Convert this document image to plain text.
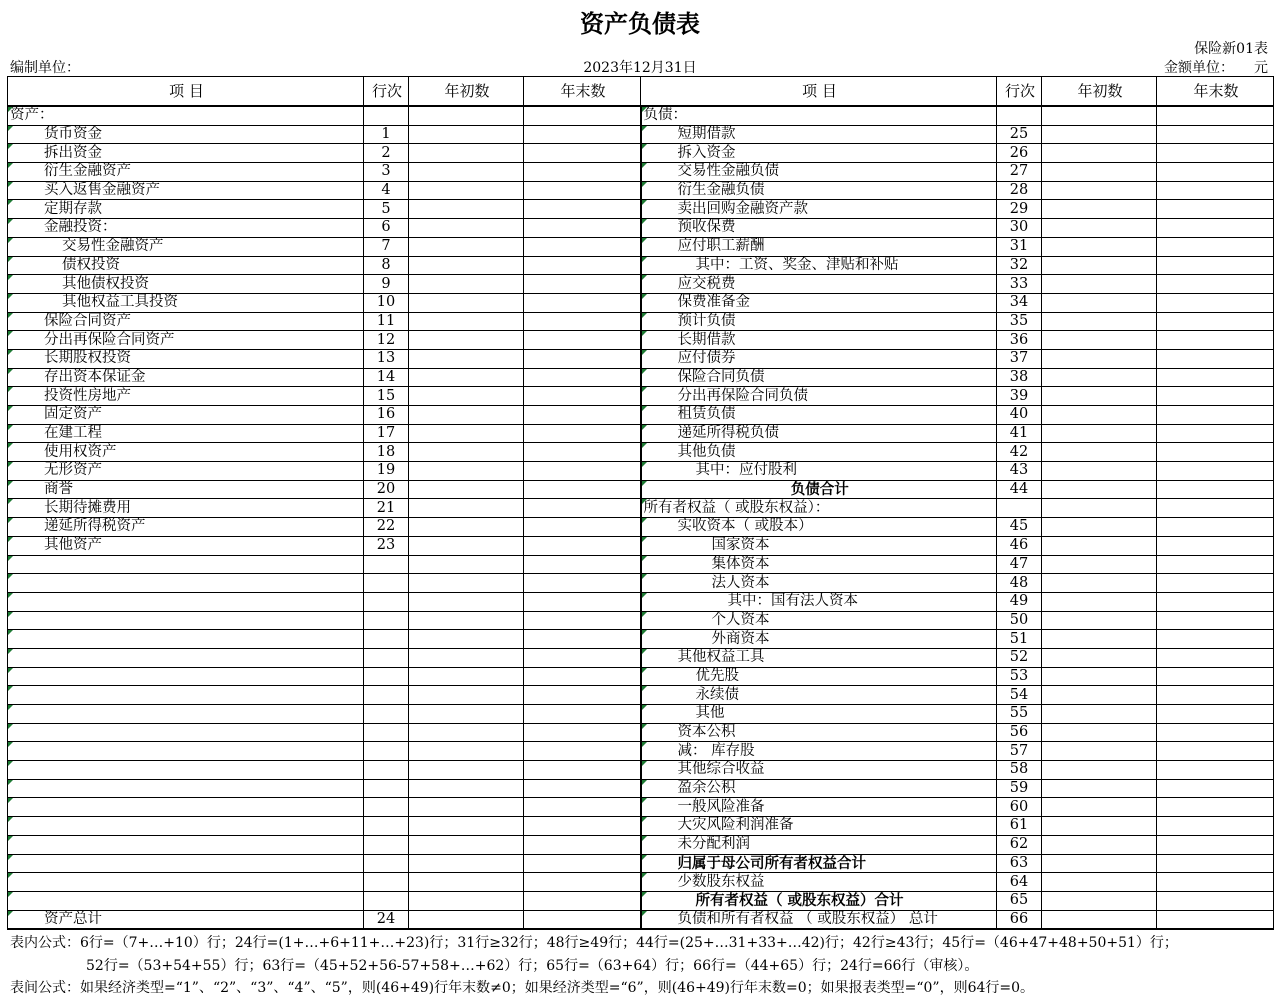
资产负债表
保险新01表
编制单位：	2023年12月31日	金额单位： 元
项 目	行次	年初数	年末数	项 目	行次	年初数	年末数
资产：				负债：			
货币资金	1			短期借款	25		
拆出资金	2			拆入资金	26		
衍生金融资产	3			交易性金融负债	27		
买入返售金融资产	4			衍生金融负债	28		
定期存款	5			卖出回购金融资产款	29		
金融投资：	6			预收保费	30		
交易性金融资产	7			应付职工薪酬	31		
债权投资	8			其中：工资、奖金、津贴和补贴	32		
其他债权投资	9			应交税费	33		
其他权益工具投资	10			保费准备金	34		
保险合同资产	11			预计负债	35		
分出再保险合同资产	12			长期借款	36		
长期股权投资	13			应付债券	37		
存出资本保证金	14			保险合同负债	38		
投资性房地产	15			分出再保险合同负债	39		
固定资产	16			租赁负债	40		
在建工程	17			递延所得税负债	41		
使用权资产	18			其他负债	42		
无形资产	19			其中：应付股利	43		
商誉	20			负债合计	44		
长期待摊费用	21			所有者权益（ 或股东权益）：			
递延所得税资产	22			实收资本（ 或股本）	45		
其他资产	23			国家资本	46		
				集体资本	47		
				法人资本	48		
				其中：国有法人资本	49		
				个人资本	50		
				外商资本	51		
				其他权益工具	52		
				优先股	53		
				永续债	54		
				其他	55		
				资本公积	56		
				减： 库存股	57		
				其他综合收益	58		
				盈余公积	59		
				一般风险准备	60		
				大灾风险利润准备	61		
				未分配利润	62		
				归属于母公司所有者权益合计	63		
				少数股东权益	64		
				所有者权益（ 或股东权益）合计	65		
资产总计	24			负债和所有者权益 （ 或股东权益） 总计	66		
表内公式：6行=（7+…+10）行；24行=(1+…+6+11+…+23)行；31行≥32行；48行≥49行；44行=(25+…31+33+…42)行；42行≥43行；45行=（46+47+48+50+51）行；
52行=（53+54+55）行；63行=（45+52+56-57+58+…+62）行；65行=（63+64）行；66行=（44+65）行；24行=66行（审核）。
表间公式：如果经济类型=“1”、“2”、“3”、“4”、“5”，则(46+49)行年末数≠0；如果经济类型=“6”，则(46+49)行年末数=0；如果报表类型=“0”，则64行=0。
